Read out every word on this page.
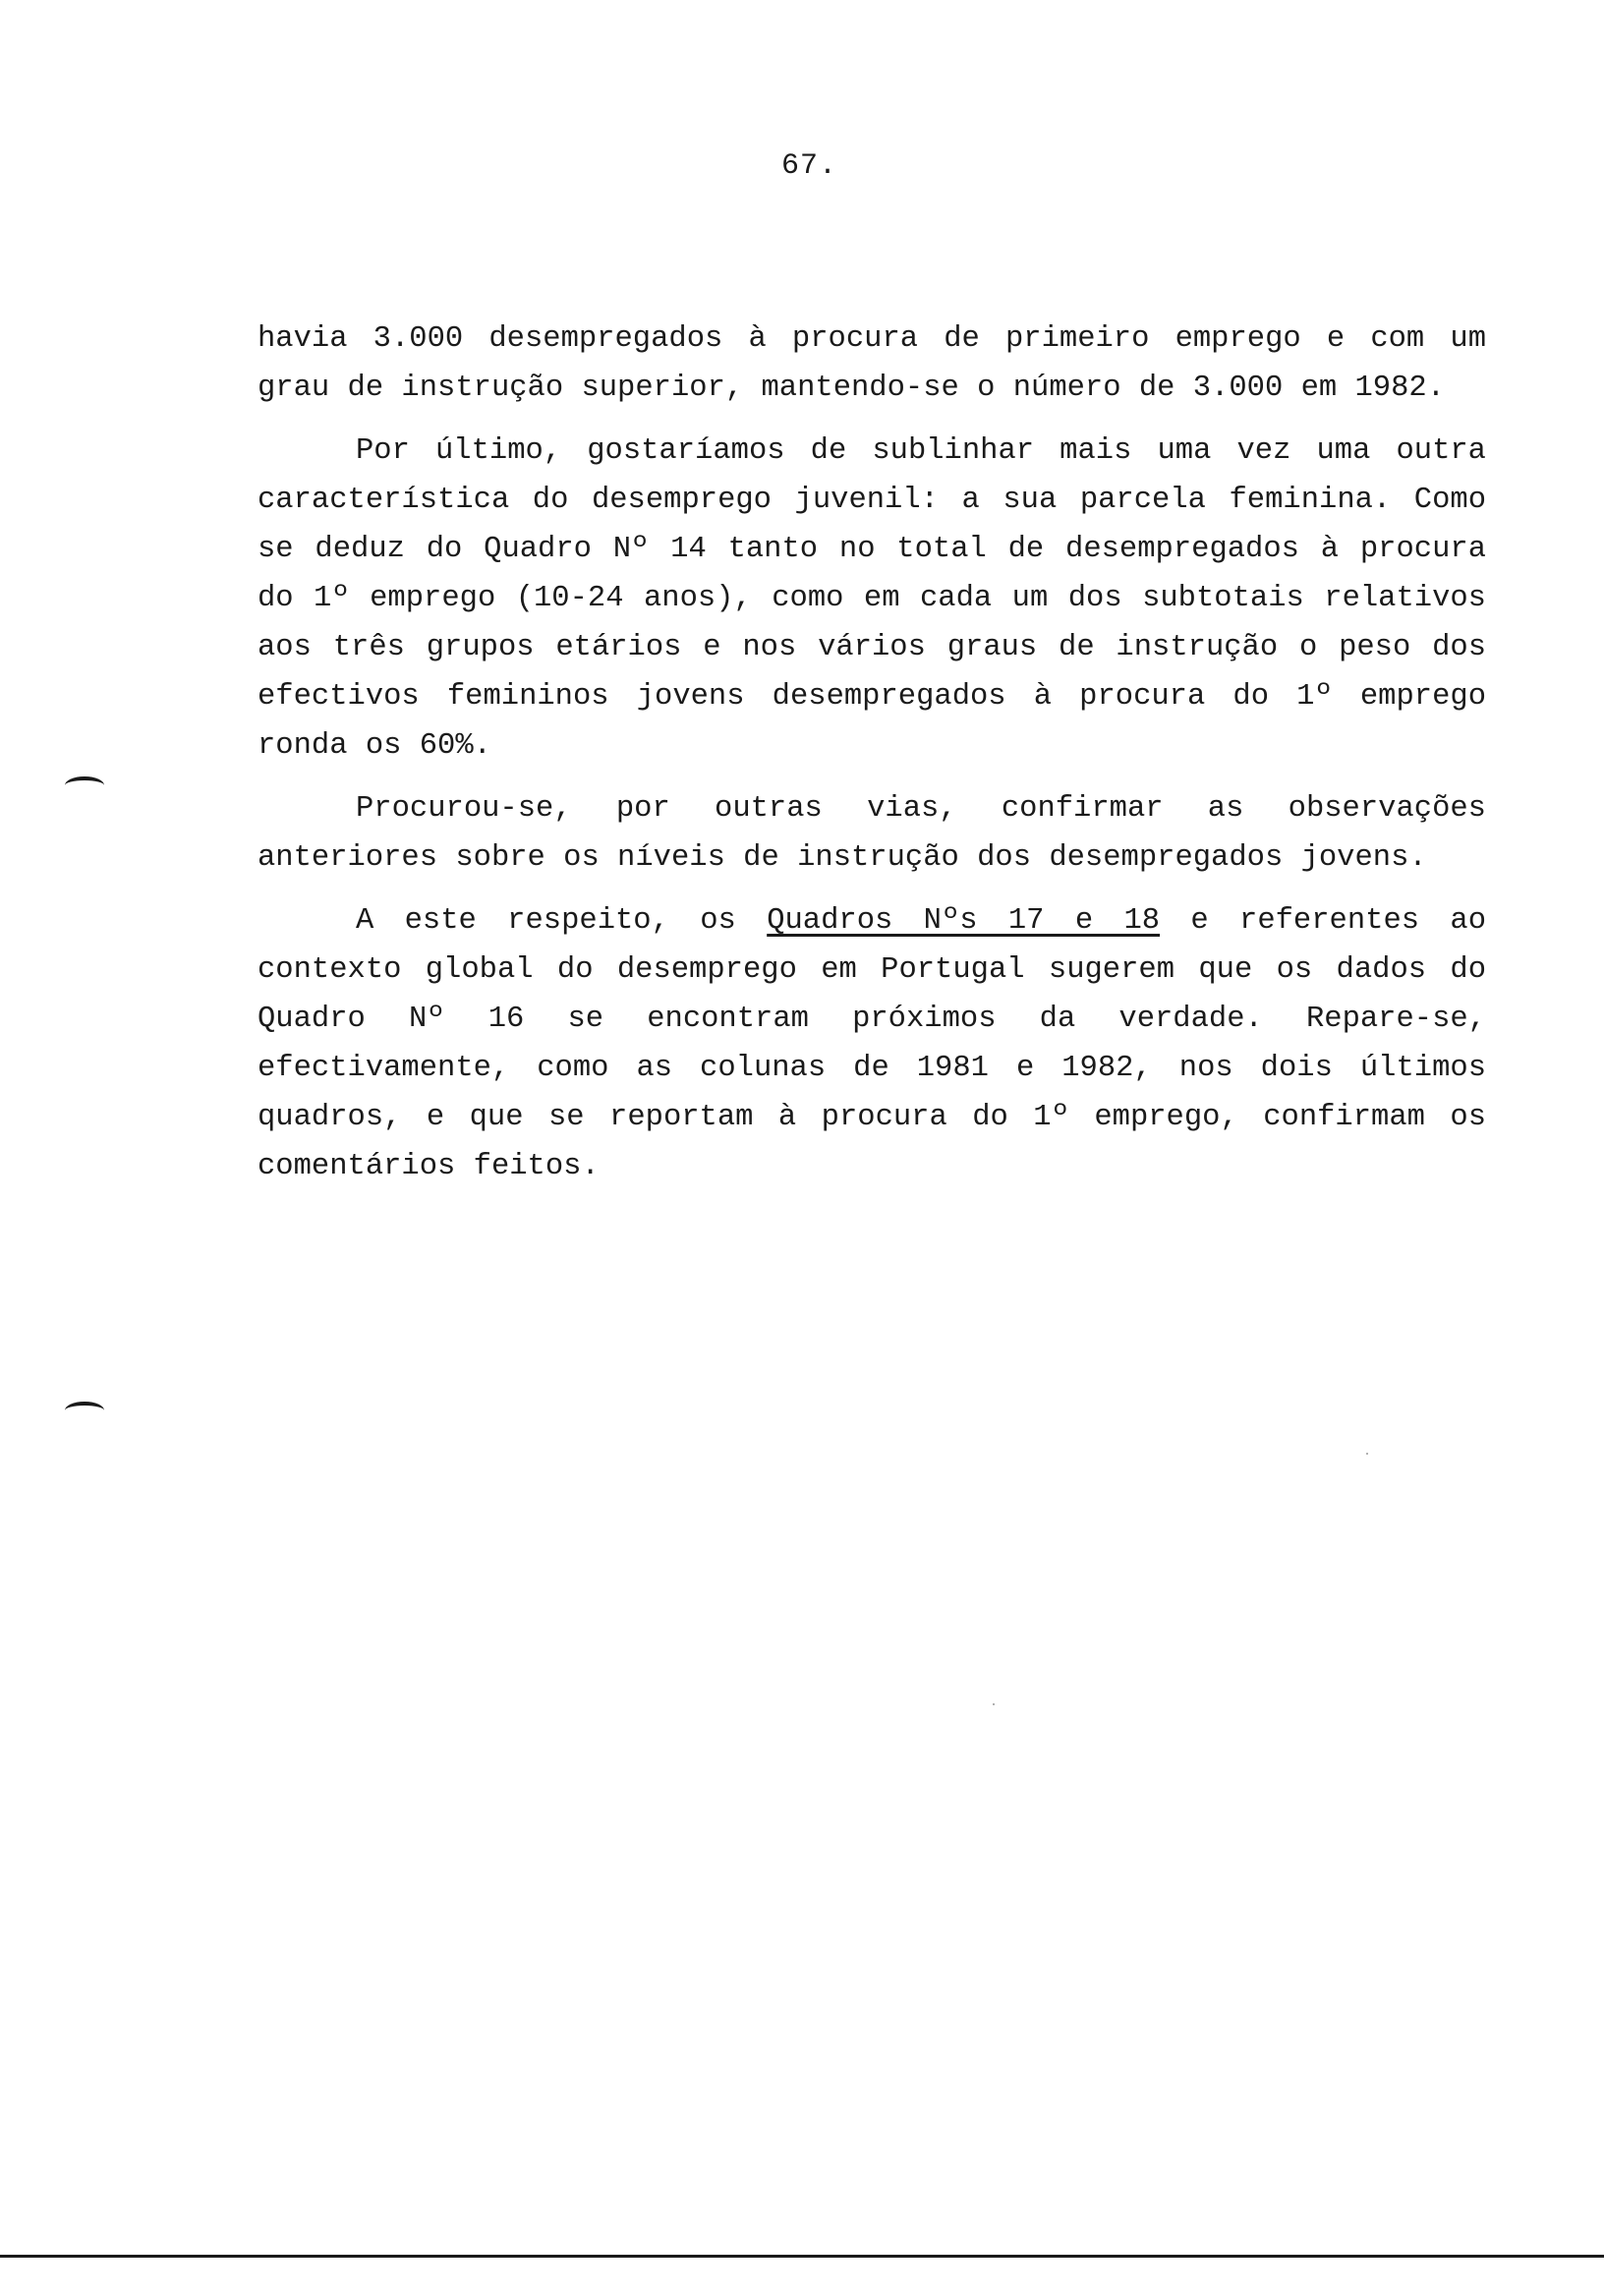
67.

havia 3.000 desempregados à procura de primeiro emprego e com um grau de instrução superior, mantendo-se o número de 3.000 em 1982.

Por último, gostaríamos de sublinhar mais uma vez uma outra característica do desemprego juvenil: a sua parcela feminina. Como se deduz do Quadro Nº 14 tanto no total de desempregados à procura do 1º emprego (10-24 anos), como em cada um dos subtotais relativos aos três grupos etários e nos vários graus de instrução o peso dos efectivos femininos jovens desempregados à procura do 1º emprego ronda os 60%.

Procurou-se, por outras vias, confirmar as observações anteriores sobre os níveis de instrução dos desempregados jovens.

A este respeito, os Quadros Nºs 17 e 18 e referentes ao contexto global do desemprego em Portugal sugerem que os dados do Quadro Nº 16 se encontram próximos da verdade. Repare-se, efectivamente, como as colunas de 1981 e 1982, nos dois últimos quadros, e que se reportam à procura do 1º emprego, confirmam os comentários feitos.
